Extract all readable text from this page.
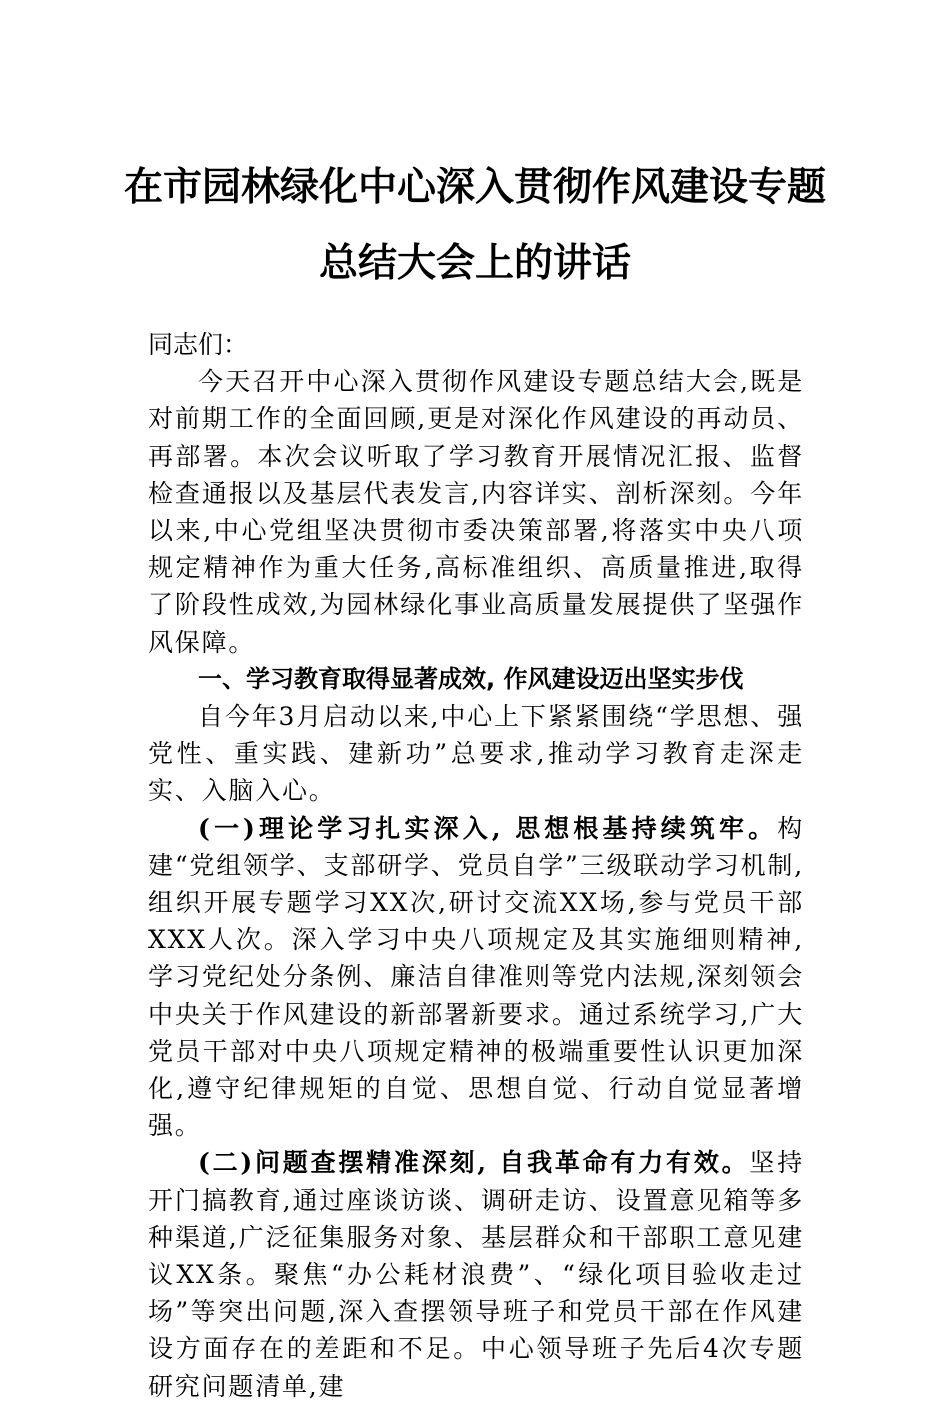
在市园林绿化中心深入贯彻作风建设专题
总结大会上的讲话

同志们：

今天召开中心深入贯彻作风建设专题总结大会,既是对前期工作的全面回顾,更是对深化作风建设的再动员、再部署。本次会议听取了学习教育开展情况汇报、监督检查通报以及基层代表发言,内容详实、剖析深刻。今年以来,中心党组坚决贯彻市委决策部署,将落实中央八项规定精神作为重大任务,高标准组织、高质量推进,取得了阶段性成效,为园林绿化事业高质量发展提供了坚强作风保障。

一、学习教育取得显著成效, 作风建设迈出坚实步伐

自今年3月启动以来,中心上下紧紧围绕“学思想、强党性、重实践、建新功”总要求,推动学习教育走深走实、入脑入心。

(一)理论学习扎实深入, 思想根基持续筑牢。构建“党组领学、支部研学、党员自学”三级联动学习机制,组织开展专题学习XX次,研讨交流XX场,参与党员干部XXX人次。深入学习中央八项规定及其实施细则精神,学习党纪处分条例、廉洁自律准则等党内法规,深刻领会中央关于作风建设的新部署新要求。通过系统学习,广大党员干部对中央八项规定精神的极端重要性认识更加深化,遵守纪律规矩的自觉、思想自觉、行动自觉显著增强。

(二)问题查摆精准深刻, 自我革命有力有效。坚持开门搞教育,通过座谈访谈、调研走访、设置意见箱等多种渠道,广泛征集服务对象、基层群众和干部职工意见建议XX条。聚焦“办公耗材浪费”、“绿化项目验收走过场”等突出问题,深入查摆领导班子和党员干部在作风建设方面存在的差距和不足。中心领导班子先后4次专题研究问题清单,建
